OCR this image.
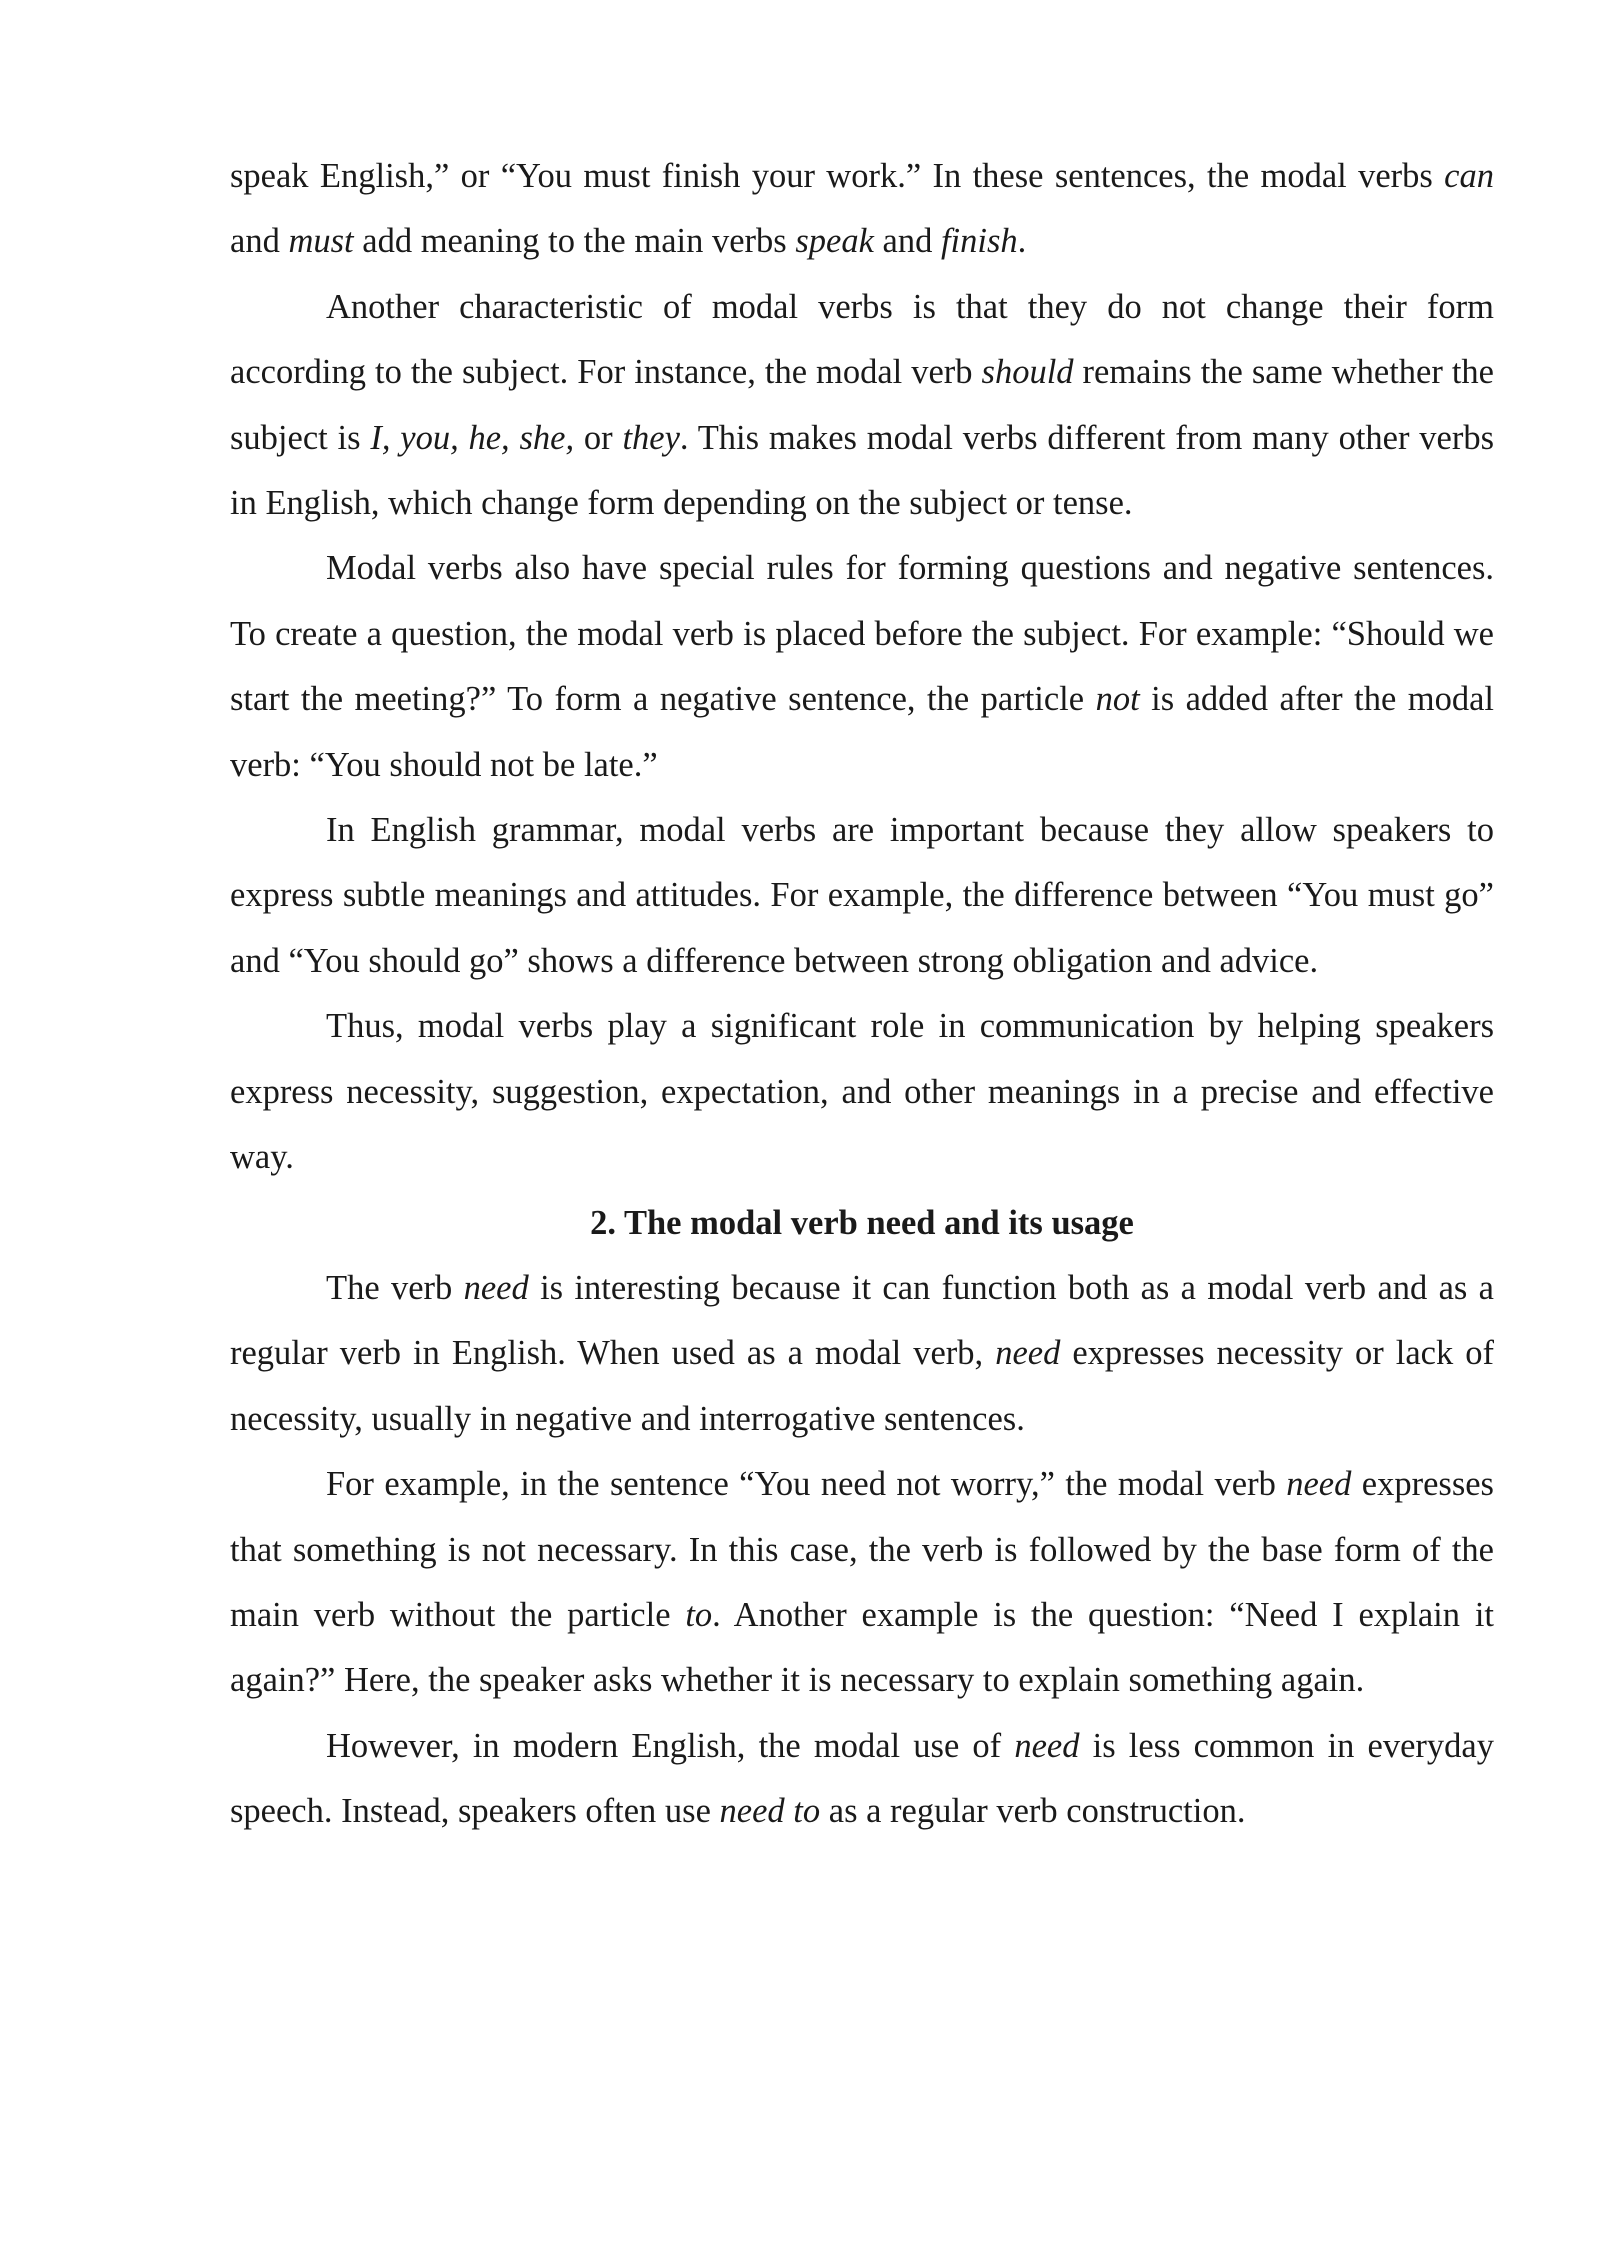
speak English,” or “You must finish your work.” In these sentences, the modal verbs can and must add meaning to the main verbs speak and finish.

Another characteristic of modal verbs is that they do not change their form according to the subject. For instance, the modal verb should remains the same whether the subject is I, you, he, she, or they. This makes modal verbs different from many other verbs in English, which change form depending on the subject or tense.

Modal verbs also have special rules for forming questions and negative sentences. To create a question, the modal verb is placed before the subject. For example: “Should we start the meeting?” To form a negative sentence, the particle not is added after the modal verb: “You should not be late.”

In English grammar, modal verbs are important because they allow speakers to express subtle meanings and attitudes. For example, the difference between “You must go” and “You should go” shows a difference between strong obligation and advice.

Thus, modal verbs play a significant role in communication by helping speakers express necessity, suggestion, expectation, and other meanings in a precise and effective way.

2. The modal verb need and its usage

The verb need is interesting because it can function both as a modal verb and as a regular verb in English. When used as a modal verb, need expresses necessity or lack of necessity, usually in negative and interrogative sentences.

For example, in the sentence “You need not worry,” the modal verb need expresses that something is not necessary. In this case, the verb is followed by the base form of the main verb without the particle to. Another example is the question: “Need I explain it again?” Here, the speaker asks whether it is necessary to explain something again.

However, in modern English, the modal use of need is less common in everyday speech. Instead, speakers often use need to as a regular verb construction.
